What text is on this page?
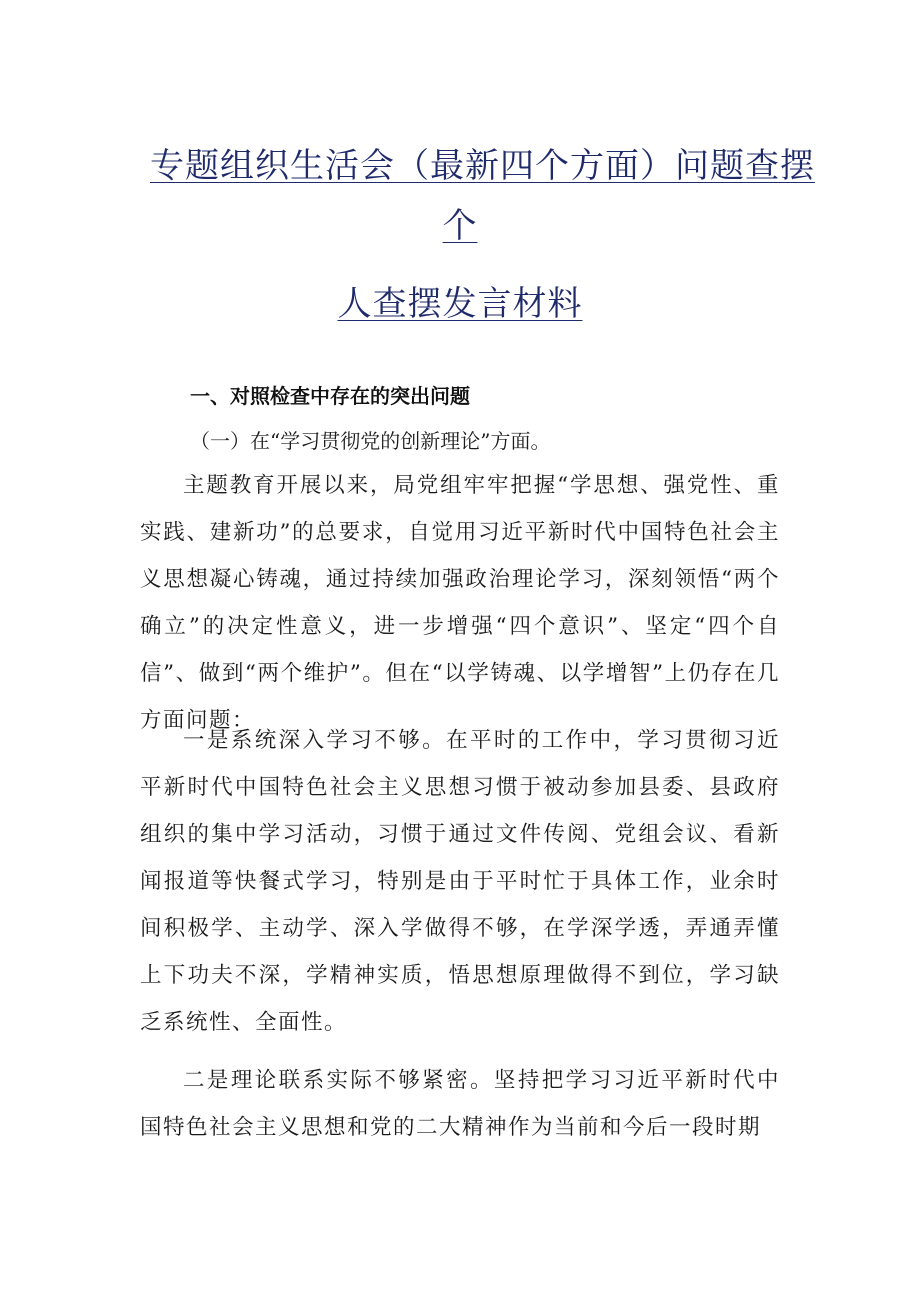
专题组织生活会（最新四个方面）问题查摆
个
人查摆发言材料
一、对照检查中存在的突出问题
（一）在“学习贯彻党的创新理论”方面。
主题教育开展以来，局党组牢牢把握“学思想、强党性、重实践、建新功”的总要求，自觉用习近平新时代中国特色社会主义思想凝心铸魂，通过持续加强政治理论学习，深刻领悟“两个确立”的决定性意义，进一步增强“四个意识”、坚定“四个自信”、做到“两个维护”。但在“以学铸魂、以学增智”上仍存在几方面问题：
一是系统深入学习不够。在平时的工作中，学习贯彻习近平新时代中国特色社会主义思想习惯于被动参加县委、县政府组织的集中学习活动，习惯于通过文件传阅、党组会议、看新闻报道等快餐式学习，特别是由于平时忙于具体工作，业余时间积极学、主动学、深入学做得不够，在学深学透，弄通弄懂上下功夫不深，学精神实质，悟思想原理做得不到位，学习缺乏系统性、全面性。
二是理论联系实际不够紧密。坚持把学习习近平新时代中国特色社会主义思想和党的二大精神作为当前和今后一段时期
